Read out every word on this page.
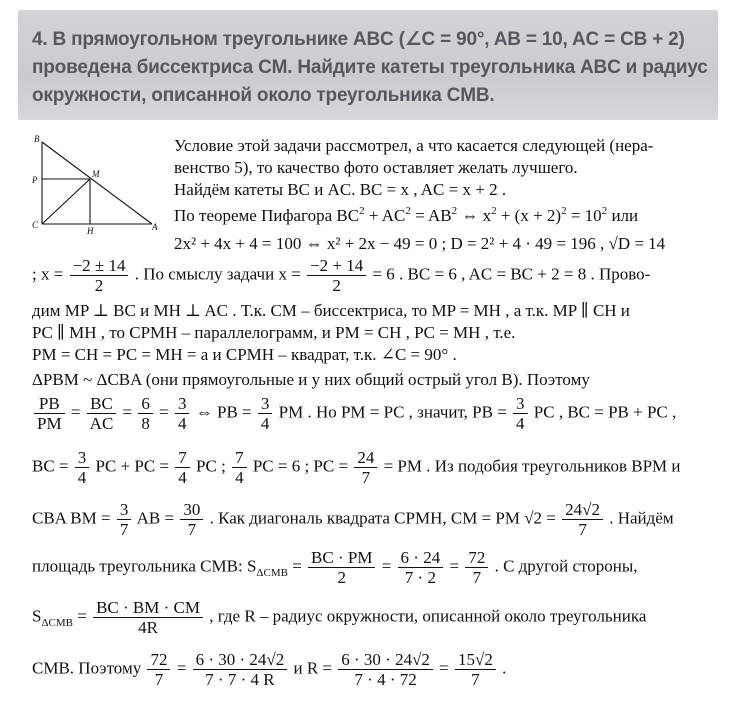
4. В прямоугольном треугольнике ABC (∠C = 90°, AB = 10, AC = CB + 2)
проведена биссектриса CM. Найдите катеты треугольника ABC и радиус
окружности, описанной около треугольника CMB.
B
P
M
C
H	A
Условие этой задачи рассмотрел, а что касается следующей (нера-
венство 5), то качество фото оставляет желать лучшего.
Найдём катеты BC и AC. BC = x , AC = x + 2 .
По теореме Пифагора $BC^2 + AC^2 = AB^2$ ⇔ $x^2 + (x + 2)^2 = 10^2$ или
2x² + 4x + 4 = 100 ⇔ x² + 2x − 49 = 0 ; D = 2² + 4 · 49 = 196 , √D = 14
; $x = \frac{-2 \pm 14}{2}$ . По смыслу задачи $x = \frac{-2 + 14}{2} = 6$ . BC = 6 , AC = BC + 2 = 8 . Прово-
дим MP ⊥ BC и MH ⊥ AC . Т.к. CM – биссектриса, то MP = MH , а т.к. MP ∥ CH и
PC ∥ MH , то CPMH – параллелограмм, и PM = CH , PC = MH , т.е.
PM = CH = PC = MH = a и CPMH – квадрат, т.к. ∠C = 90° .
ΔPBM ~ ΔCBA (они прямоугольные и у них общий острый угол B). Поэтому
$\frac{PB}{PM} = \frac{BC}{AC} = \frac{6}{8} = \frac{3}{4}$ ⇔ PB = $\frac{3}{4}$ PM . Но PM = PC , значит, PB = $\frac{3}{4}$ PC , BC = PB + PC ,
BC = $\frac{3}{4}$ PC + PC = $\frac{7}{4}$ PC ; $\frac{7}{4}$ PC = 6 ; PC = $\frac{24}{7}$ = PM . Из подобия треугольников BPM и
CBA BM = $\frac{3}{7}$ AB = $\frac{30}{7}$ . Как диагональ квадрата CPMH, CM = PM $√2 = \frac{24√2}{7}$ . Найдём
площадь треугольника CMB: $S_{\Delta CMB} = \frac{BC \cdot PM}{2} = \frac{6 \cdot 24}{7 \cdot 2} = \frac{72}{7}$ . С другой стороны,
$S_{\Delta CMB} = \frac{BC \cdot BM \cdot CM}{4R}$ , где R – радиус окружности, описанной около треугольника
CMB. Поэтому $\frac{72}{7} = \frac{6 \cdot 30 \cdot 24√2}{7 \cdot 7 \cdot 4 R}$ и $R = \frac{6 \cdot 30 \cdot 24√2}{7 \cdot 4 \cdot 72} = \frac{15√2}{7}$ .
